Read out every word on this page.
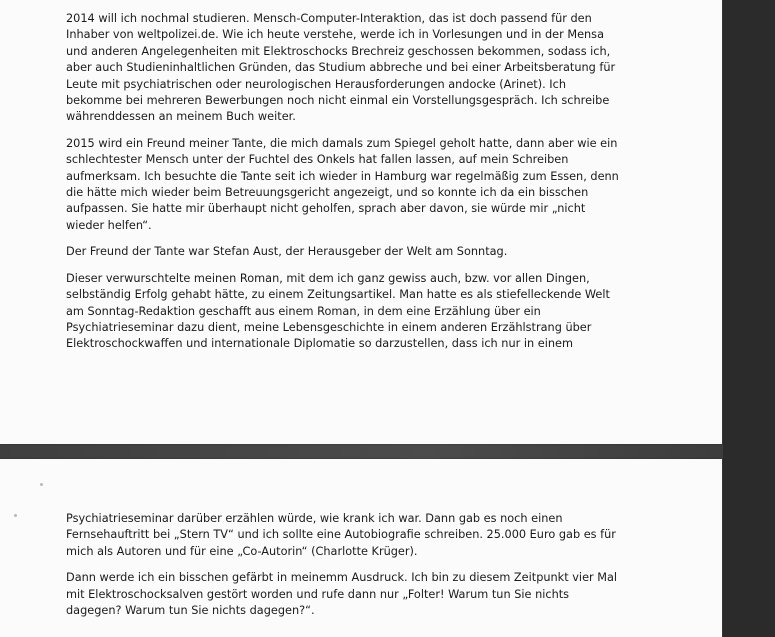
2014 will ich nochmal studieren. Mensch-Computer-Interaktion, das ist doch passend für den
Inhaber von weltpolizei.de. Wie ich heute verstehe, werde ich in Vorlesungen und in der Mensa
und anderen Angelegenheiten mit Elektroschocks Brechreiz geschossen bekommen, sodass ich,
aber auch Studieninhaltlichen Gründen, das Studium abbreche und bei einer Arbeitsberatung für
Leute mit psychiatrischen oder neurologischen Herausforderungen andocke (Arinet). Ich
bekomme bei mehreren Bewerbungen noch nicht einmal ein Vorstellungsgespräch. Ich schreibe
währenddessen an meinem Buch weiter.

2015 wird ein Freund meiner Tante, die mich damals zum Spiegel geholt hatte, dann aber wie ein
schlechtester Mensch unter der Fuchtel des Onkels hat fallen lassen, auf mein Schreiben
aufmerksam. Ich besuchte die Tante seit ich wieder in Hamburg war regelmäßig zum Essen, denn
die hätte mich wieder beim Betreuungsgericht angezeigt, und so konnte ich da ein bisschen
aufpassen. Sie hatte mir überhaupt nicht geholfen, sprach aber davon, sie würde mir „nicht
wieder helfen“.

Der Freund der Tante war Stefan Aust, der Herausgeber der Welt am Sonntag.

Dieser verwurschtelte meinen Roman, mit dem ich ganz gewiss auch, bzw. vor allen Dingen,
selbständig Erfolg gehabt hätte, zu einem Zeitungsartikel. Man hatte es als stiefelleckende Welt
am Sonntag-Redaktion geschafft aus einem Roman, in dem eine Erzählung über ein
Psychiatrieseminar dazu dient, meine Lebensgeschichte in einem anderen Erzählstrang über
Elektroschockwaffen und internationale Diplomatie so darzustellen, dass ich nur in einem

Psychiatrieseminar darüber erzählen würde, wie krank ich war. Dann gab es noch einen
Fernsehauftritt bei „Stern TV“ und ich sollte eine Autobiografie schreiben. 25.000 Euro gab es für
mich als Autoren und für eine „Co-Autorin“ (Charlotte Krüger).

Dann werde ich ein bisschen gefärbt in meinemm Ausdruck. Ich bin zu diesem Zeitpunkt vier Mal
mit Elektroschocksalven gestört worden und rufe dann nur „Folter! Warum tun Sie nichts
dagegen? Warum tun Sie nichts dagegen?“.
